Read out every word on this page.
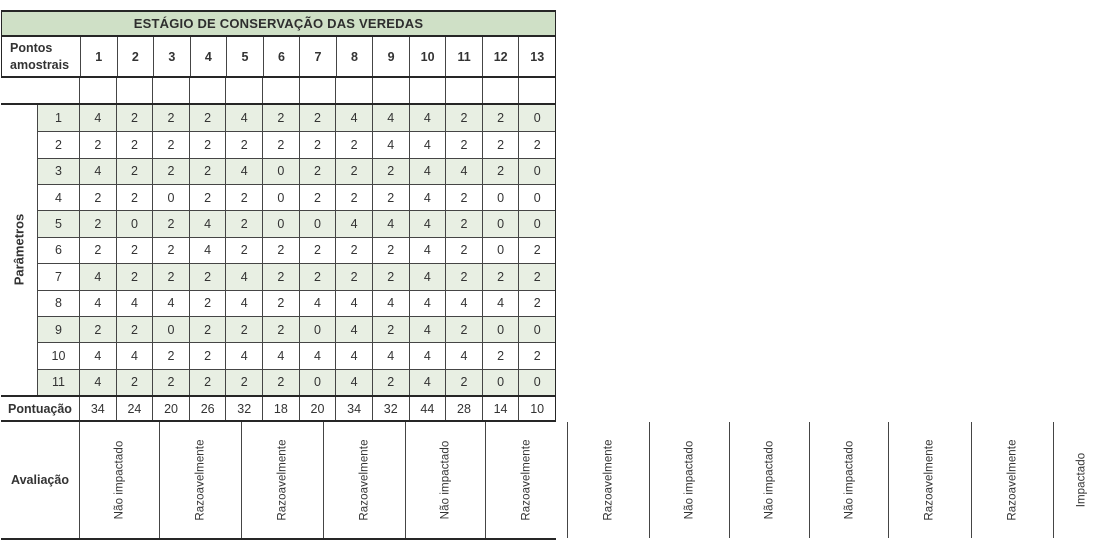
ESTÁGIO DE CONSERVAÇÃO DAS VEREDAS
Pontos amostrais
1	2	3	4	5	6	7	8	9	10	11	12	13
Parâmetros
1	4	2	2	2	4	2	2	4	4	4	2	2	0
2	2	2	2	2	2	2	2	2	4	4	2	2	2
3	4	2	2	2	4	0	2	2	2	4	4	2	0
4	2	2	0	2	2	0	2	2	2	4	2	0	0
5	2	0	2	4	2	0	0	4	4	4	2	0	0
6	2	2	2	4	2	2	2	2	2	4	2	0	2
7	4	2	2	2	4	2	2	2	2	4	2	2	2
8	4	4	4	2	4	2	4	4	4	4	4	4	2
9	2	2	0	2	2	2	0	4	2	4	2	0	0
10	4	4	2	2	4	4	4	4	4	4	4	2	2
11	4	2	2	2	2	2	0	4	2	4	2	0	0
Pontuação	34	24	20	26	32	18	20	34	32	44	28	14	10
Avaliação	Não impactado	Razoavelmente	Razoavelmente	Razoavelmente	Não impactado	Razoavelmente	Razoavelmente	Não impactado	Não impactado	Não impactado	Razoavelmente	Razoavelmente	Impactado
